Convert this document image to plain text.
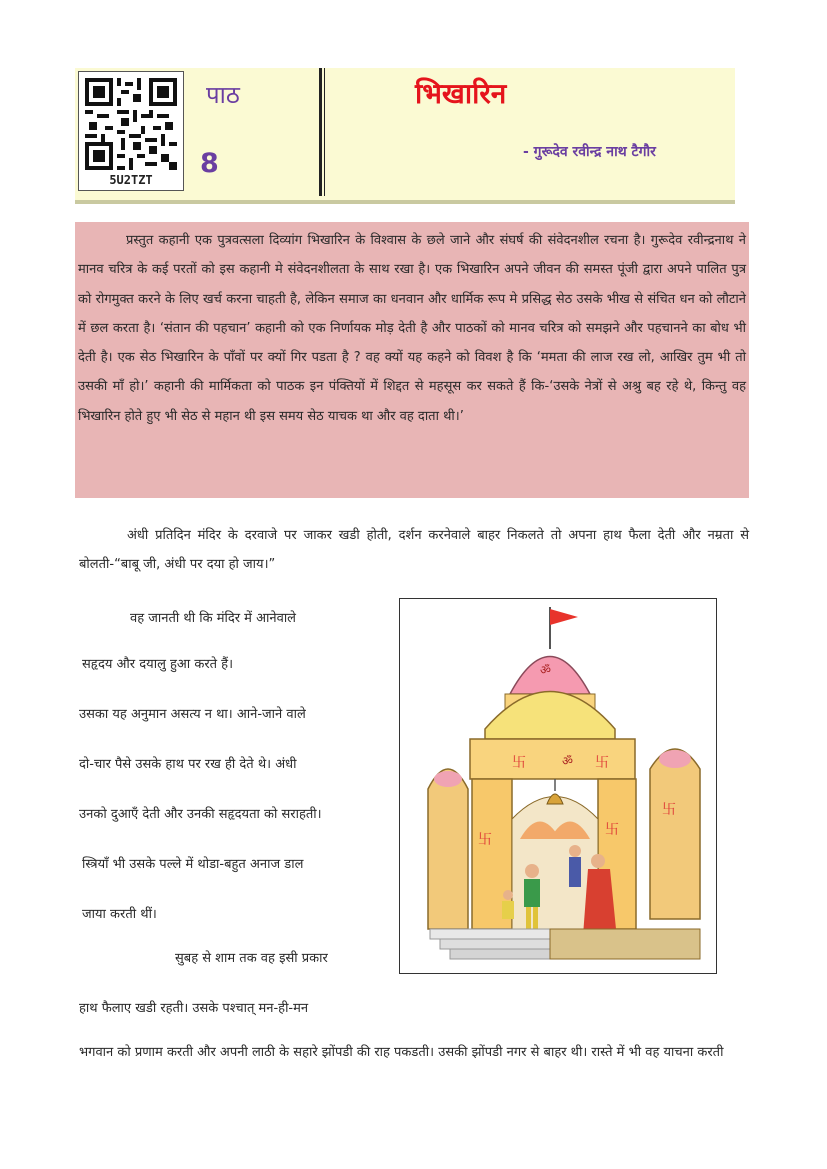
5U2TZT
पाठ
8
भिखारिन
- गुरूदेव रवीन्द्र नाथ टैगौर

प्रस्तुत कहानी एक पुत्रवत्सला दिव्यांग भिखारिन के विश्वास के छले जाने और संघर्ष की संवेदनशील रचना है। गुरूदेव रवीन्द्रनाथ ने मानव चरित्र के कई परतों को इस कहानी मे संवेदनशीलता के साथ रखा है। एक भिखारिन अपने जीवन की समस्त पूंजी द्वारा अपने पालित पुत्र को रोगमुक्त करने के लिए खर्च करना चाहती है, लेकिन समाज का धनवान और धार्मिक रूप मे प्रसिद्ध सेठ उसके भीख से संचित धन को लौटाने में छल करता है। ‘संतान की पहचान’ कहानी को एक निर्णायक मोड़ देती है और पाठकों को मानव चरित्र को समझने और पहचानने का बोध भी देती है। एक सेठ भिखारिन के पाँवों पर क्यों गिर पडता है ? वह क्यों यह कहने को विवश है कि ‘ममता की लाज रख लो, आखिर तुम भी तो उसकी माँ हो।’ कहानी की मार्मिकता को पाठक इन पंक्तियों में शिद्दत से महसूस कर सकते हैं कि-‘उसके नेत्रों से अश्रु बह रहे थे, किन्तु वह भिखारिन होते हुए भी सेठ से महान थी इस समय सेठ याचक था और वह दाता थी।’

अंधी प्रतिदिन मंदिर के दरवाजे पर जाकर खडी होती, दर्शन करनेवाले बाहर निकलते तो अपना हाथ फैला देती और नम्रता से बोलती-“बाबू जी, अंधी पर दया हो जाय।”

वह जानती थी कि मंदिर में आनेवाले

सहृदय और दयालु हुआ करते हैं।

उसका यह अनुमान असत्य न था। आने-जाने वाले

दो-चार पैसे उसके हाथ पर रख ही देते थे। अंधी

उनको दुआएँ देती और उनकी सहृदयता को सराहती।

स्त्रियाँ भी उसके पल्ले में थोडा-बहुत अनाज डाल

जाया करती थीं।

सुबह से शाम तक वह इसी प्रकार

हाथ फैलाए खडी रहती। उसके पश्चात् मन-ही-मन

भगवान को प्रणाम करती और अपनी लाठी के सहारे झोंपडी की राह पकडती। उसकी झोंपडी नगर से बाहर थी। रास्ते में भी वह याचना करती

卐
ॐ
卐	ॐ 卐
卐
卐
